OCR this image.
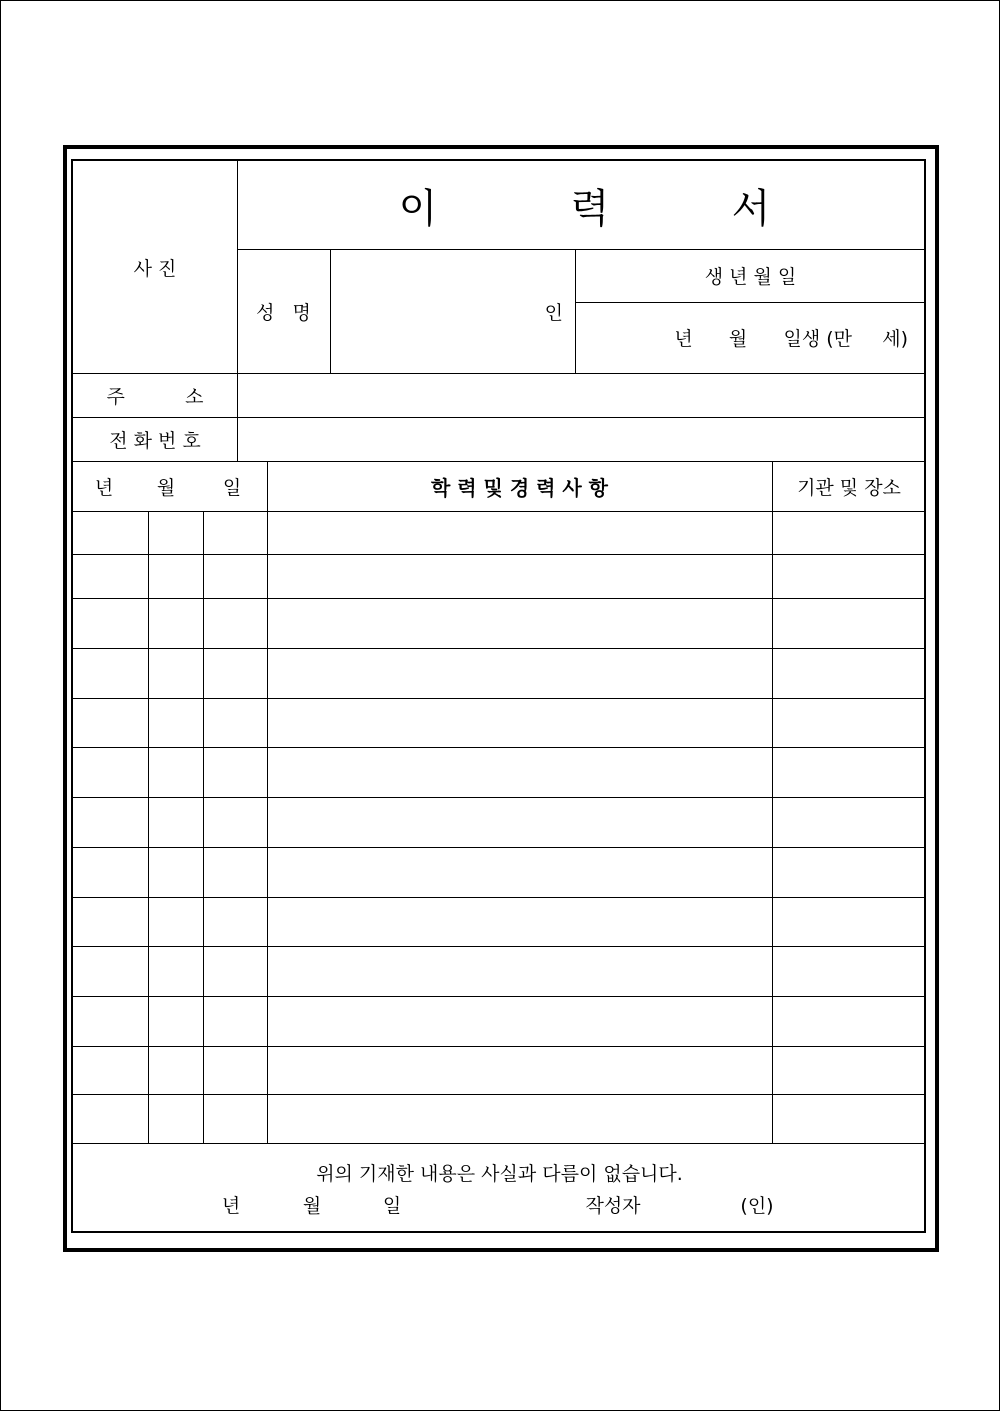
이	력	서
사 진
성   명	인
생 년 월 일
년      월      일생 (만     세)
주          소
전 화 번 호
년	월	일	학 력 및 경 력 사 항	기관 및 장소
위의 기재한 내용은 사실과 다름이 없습니다.
년	월	일	작성자	(인)
